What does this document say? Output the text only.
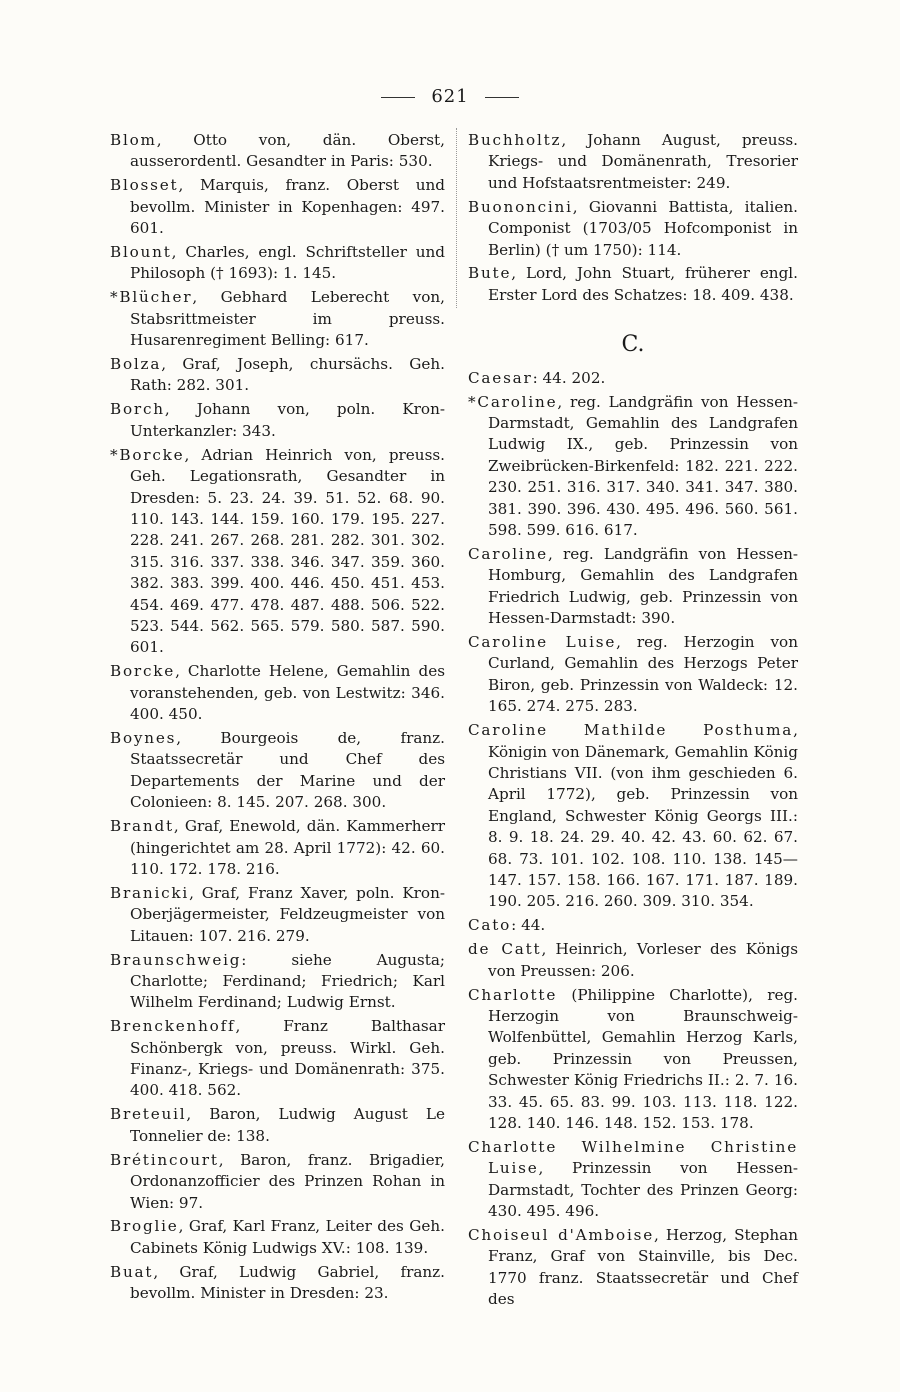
621
Blom, Otto von, dän. Oberst, ausserordentl. Gesandter in Paris: 530.
Blosset, Marquis, franz. Oberst und bevollm. Minister in Kopenhagen: 497. 601.
Blount, Charles, engl. Schriftsteller und Philosoph († 1693): 1. 145.
*Blücher, Gebhard Leberecht von, Stabsrittmeister im preuss. Husarenregiment Belling: 617.
Bolza, Graf, Joseph, chursächs. Geh. Rath: 282. 301.
Borch, Johann von, poln. Kron-Unterkanzler: 343.
*Borcke, Adrian Heinrich von, preuss. Geh. Legationsrath, Gesandter in Dresden: 5. 23. 24. 39. 51. 52. 68. 90. 110. 143. 144. 159. 160. 179. 195. 227. 228. 241. 267. 268. 281. 282. 301. 302. 315. 316. 337. 338. 346. 347. 359. 360. 382. 383. 399. 400. 446. 450. 451. 453. 454. 469. 477. 478. 487. 488. 506. 522. 523. 544. 562. 565. 579. 580. 587. 590. 601.
Borcke, Charlotte Helene, Gemahlin des voranstehenden, geb. von Lestwitz: 346. 400. 450.
Boynes, Bourgeois de, franz. Staatssecretär und Chef des Departements der Marine und der Colonieen: 8. 145. 207. 268. 300.
Brandt, Graf, Enewold, dän. Kammerherr (hingerichtet am 28. April 1772): 42. 60. 110. 172. 178. 216.
Branicki, Graf, Franz Xaver, poln. Kron-Oberjägermeister, Feldzeugmeister von Litauen: 107. 216. 279.
Braunschweig: siehe Augusta; Charlotte; Ferdinand; Friedrich; Karl Wilhelm Ferdinand; Ludwig Ernst.
Brenckenhoff, Franz Balthasar Schönbergk von, preuss. Wirkl. Geh. Finanz-, Kriegs- und Domänenrath: 375. 400. 418. 562.
Breteuil, Baron, Ludwig August Le Tonnelier de: 138.
Brétincourt, Baron, franz. Brigadier, Ordonanzofficier des Prinzen Rohan in Wien: 97.
Broglie, Graf, Karl Franz, Leiter des Geh. Cabinets König Ludwigs XV.: 108. 139.
Buat, Graf, Ludwig Gabriel, franz. bevollm. Minister in Dresden: 23.
Buchholtz, Johann August, preuss. Kriegs- und Domänenrath, Tresorier und Hofstaatsrentmeister: 249.
Buononcini, Giovanni Battista, italien. Componist (1703/05 Hofcomponist in Berlin) († um 1750): 114.
Bute, Lord, John Stuart, früherer engl. Erster Lord des Schatzes: 18. 409. 438.
C.
Caesar: 44. 202.
*Caroline, reg. Landgräfin von Hessen-Darmstadt, Gemahlin des Landgrafen Ludwig IX., geb. Prinzessin von Zweibrücken-Birkenfeld: 182. 221. 222. 230. 251. 316. 317. 340. 341. 347. 380. 381. 390. 396. 430. 495. 496. 560. 561. 598. 599. 616. 617.
Caroline, reg. Landgräfin von Hessen-Homburg, Gemahlin des Landgrafen Friedrich Ludwig, geb. Prinzessin von Hessen-Darmstadt: 390.
Caroline Luise, reg. Herzogin von Curland, Gemahlin des Herzogs Peter Biron, geb. Prinzessin von Waldeck: 12. 165. 274. 275. 283.
Caroline Mathilde Posthuma, Königin von Dänemark, Gemahlin König Christians VII. (von ihm geschieden 6. April 1772), geb. Prinzessin von England, Schwester König Georgs III.: 8. 9. 18. 24. 29. 40. 42. 43. 60. 62. 67. 68. 73. 101. 102. 108. 110. 138. 145—147. 157. 158. 166. 167. 171. 187. 189. 190. 205. 216. 260. 309. 310. 354.
Cato: 44.
de Catt, Heinrich, Vorleser des Königs von Preussen: 206.
Charlotte (Philippine Charlotte), reg. Herzogin von Braunschweig-Wolfenbüttel, Gemahlin Herzog Karls, geb. Prinzessin von Preussen, Schwester König Friedrichs II.: 2. 7. 16. 33. 45. 65. 83. 99. 103. 113. 118. 122. 128. 140. 146. 148. 152. 153. 178.
Charlotte Wilhelmine Christine Luise, Prinzessin von Hessen-Darmstadt, Tochter des Prinzen Georg: 430. 495. 496.
Choiseul d'Amboise, Herzog, Stephan Franz, Graf von Stainville, bis Dec. 1770 franz. Staatssecretär und Chef des
